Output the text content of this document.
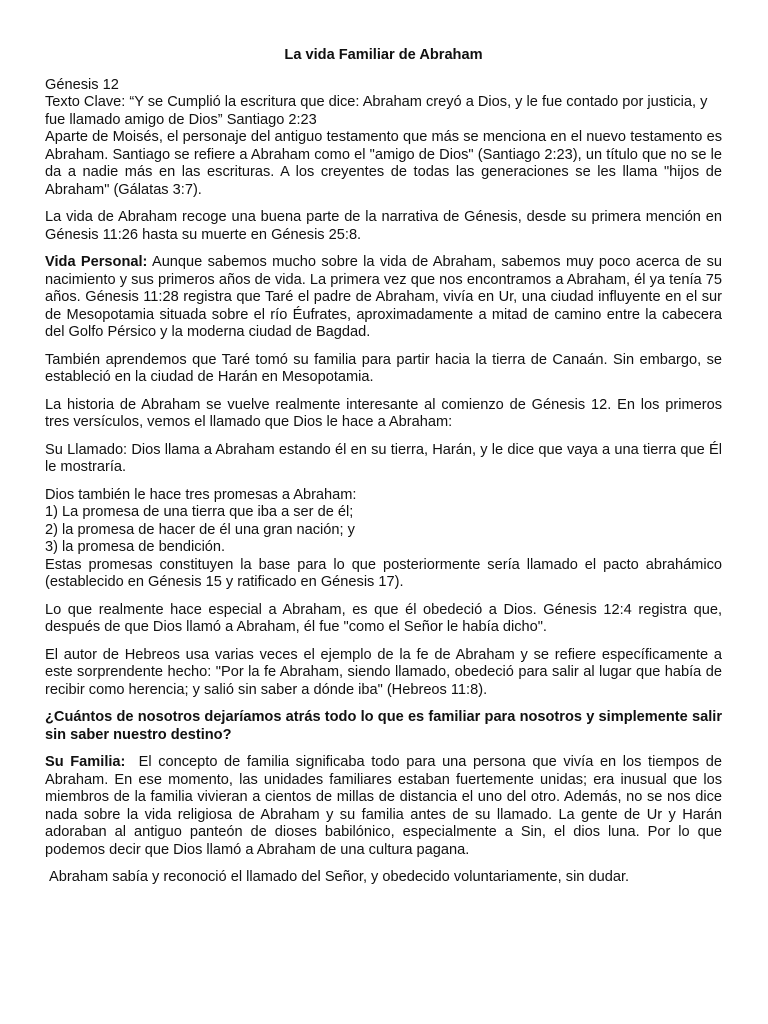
La vida Familiar de Abraham

Génesis 12

Texto Clave: “Y se Cumplió la escritura que dice: Abraham creyó a Dios, y le fue contado por justicia, y fue llamado amigo de Dios” Santiago 2:23

Aparte de Moisés, el personaje del antiguo testamento que más se menciona en el nuevo testamento es Abraham. Santiago se refiere a Abraham como el "amigo de Dios" (Santiago 2:23), un título que no se le da a nadie más en las escrituras. A los creyentes de todas las generaciones se les llama "hijos de Abraham" (Gálatas 3:7).

La vida de Abraham recoge una buena parte de la narrativa de Génesis, desde su primera mención en Génesis 11:26 hasta su muerte en Génesis 25:8.

Vida Personal: Aunque sabemos mucho sobre la vida de Abraham, sabemos muy poco acerca de su nacimiento y sus primeros años de vida. La primera vez que nos encontramos a Abraham, él ya tenía 75 años. Génesis 11:28 registra que Taré el padre de Abraham, vivía en Ur, una ciudad influyente en el sur de Mesopotamia situada sobre el río Éufrates, aproximadamente a mitad de camino entre la cabecera del Golfo Pérsico y la moderna ciudad de Bagdad.

También aprendemos que Taré tomó su familia para partir hacia la tierra de Canaán. Sin embargo, se estableció en la ciudad de Harán en Mesopotamia.

La historia de Abraham se vuelve realmente interesante al comienzo de Génesis 12. En los primeros tres versículos, vemos el llamado que Dios le hace a Abraham:

Su Llamado: Dios llama a Abraham estando él en su tierra, Harán, y le dice que vaya a una tierra que Él le mostraría.

Dios también le hace tres promesas a Abraham:

1) La promesa de una tierra que iba a ser de él;

2) la promesa de hacer de él una gran nación; y

3) la promesa de bendición.

Estas promesas constituyen la base para lo que posteriormente sería llamado el pacto abrahámico (establecido en Génesis 15 y ratificado en Génesis 17).

Lo que realmente hace especial a Abraham, es que él obedeció a Dios. Génesis 12:4 registra que, después de que Dios llamó a Abraham, él fue "como el Señor le había dicho".

El autor de Hebreos usa varias veces el ejemplo de la fe de Abraham y se refiere específicamente a este sorprendente hecho: "Por la fe Abraham, siendo llamado, obedeció para salir al lugar que había de recibir como herencia; y salió sin saber a dónde iba" (Hebreos 11:8).

¿Cuántos de nosotros dejaríamos atrás todo lo que es familiar para nosotros y simplemente salir sin saber nuestro destino?

Su Familia:  El concepto de familia significaba todo para una persona que vivía en los tiempos de Abraham. En ese momento, las unidades familiares estaban fuertemente unidas; era inusual que los miembros de la familia vivieran a cientos de millas de distancia el uno del otro. Además, no se nos dice nada sobre la vida religiosa de Abraham y su familia antes de su llamado. La gente de Ur y Harán adoraban al antiguo panteón de dioses babilónico, especialmente a Sin, el dios luna. Por lo que podemos decir que Dios llamó a Abraham de una cultura pagana.

Abraham sabía y reconoció el llamado del Señor, y obedecido voluntariamente, sin dudar.
